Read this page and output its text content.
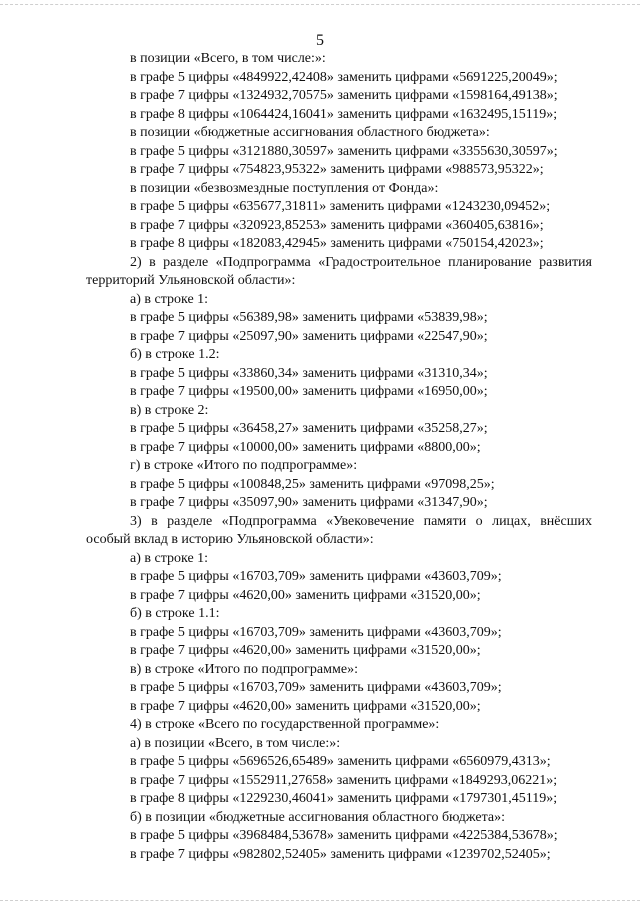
5
в позиции «Всего, в том числе:»:
в графе 5 цифры «4849922,42408» заменить цифрами «5691225,20049»;
в графе 7 цифры «1324932,70575» заменить цифрами «1598164,49138»;
в графе 8 цифры «1064424,16041» заменить цифрами «1632495,15119»;
в позиции «бюджетные ассигнования областного бюджета»:
в графе 5 цифры «3121880,30597» заменить цифрами «3355630,30597»;
в графе 7 цифры «754823,95322» заменить цифрами «988573,95322»;
в позиции «безвозмездные поступления от Фонда»:
в графе 5 цифры «635677,31811» заменить цифрами «1243230,09452»;
в графе 7 цифры «320923,85253» заменить цифрами «360405,63816»;
в графе 8 цифры «182083,42945» заменить цифрами «750154,42023»;
2) в разделе «Подпрограмма «Градостроительное планирование развития территорий Ульяновской области»:
а) в строке 1:
в графе 5 цифры «56389,98» заменить цифрами «53839,98»;
в графе 7 цифры «25097,90» заменить цифрами «22547,90»;
б) в строке 1.2:
в графе 5 цифры «33860,34» заменить цифрами «31310,34»;
в графе 7 цифры «19500,00» заменить цифрами «16950,00»;
в) в строке 2:
в графе 5 цифры «36458,27» заменить цифрами «35258,27»;
в графе 7 цифры «10000,00» заменить цифрами «8800,00»;
г) в строке «Итого по подпрограмме»:
в графе 5 цифры «100848,25» заменить цифрами «97098,25»;
в графе 7 цифры «35097,90» заменить цифрами «31347,90»;
3) в разделе «Подпрограмма «Увековечение памяти о лицах, внёсших особый вклад в историю Ульяновской области»:
а) в строке 1:
в графе 5 цифры «16703,709» заменить цифрами «43603,709»;
в графе 7 цифры «4620,00» заменить цифрами «31520,00»;
б) в строке 1.1:
в графе 5 цифры «16703,709» заменить цифрами «43603,709»;
в графе 7 цифры «4620,00» заменить цифрами «31520,00»;
в) в строке «Итого по подпрограмме»:
в графе 5 цифры «16703,709» заменить цифрами «43603,709»;
в графе 7 цифры «4620,00» заменить цифрами «31520,00»;
4) в строке «Всего по государственной программе»:
а) в позиции «Всего, в том числе:»:
в графе 5 цифры «5696526,65489» заменить цифрами «6560979,4313»;
в графе 7 цифры «1552911,27658» заменить цифрами «1849293,06221»;
в графе 8 цифры «1229230,46041» заменить цифрами «1797301,45119»;
б) в позиции «бюджетные ассигнования областного бюджета»:
в графе 5 цифры «3968484,53678» заменить цифрами «4225384,53678»;
в графе 7 цифры «982802,52405» заменить цифрами «1239702,52405»;
